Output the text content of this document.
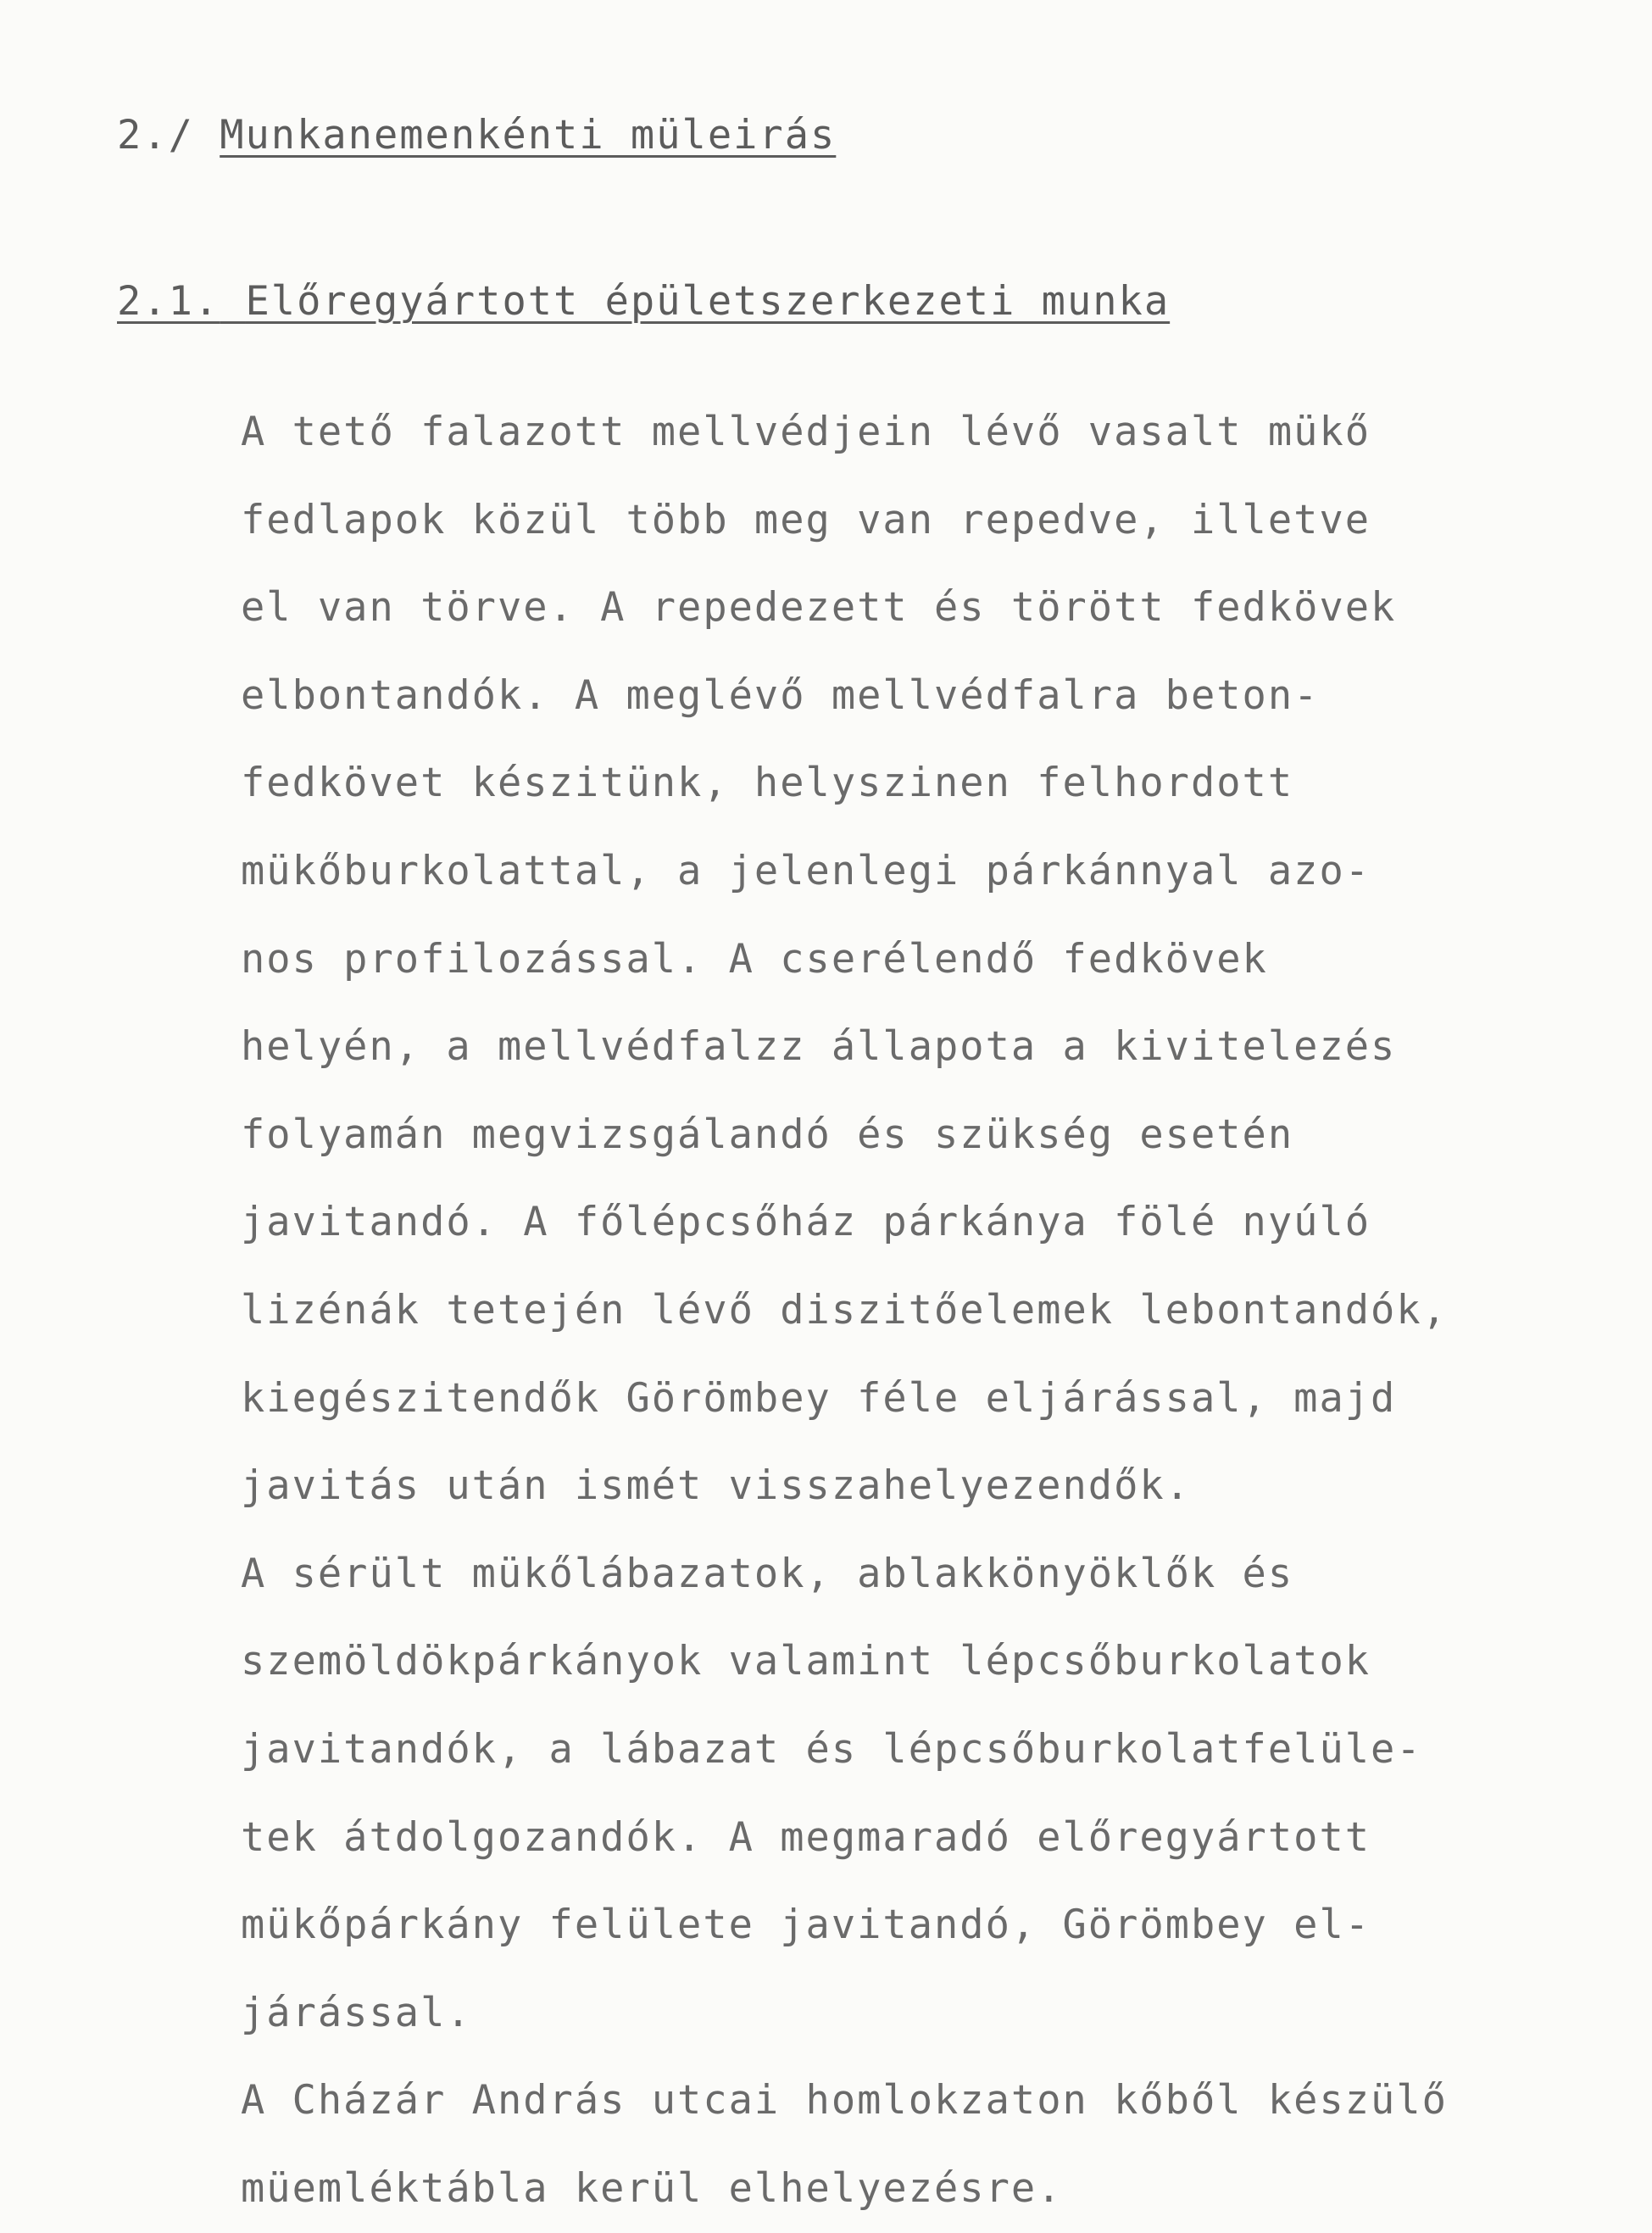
2./ Munkanemenkénti müleirás
2.1. Előregyártott épületszerkezeti munka
A tető falazott mellvédjein lévő vasalt mükő
fedlapok közül több meg van repedve, illetve
el van törve. A repedezett és törött fedkövek
elbontandók. A meglévő mellvédfalra beton-
fedkövet készitünk, helyszinen felhordott
mükőburkolattal, a jelenlegi párkánnyal azo-
nos profilozással. A cserélendő fedkövek
helyén, a mellvédfalzz állapota a kivitelezés
folyamán megvizsgálandó és szükség esetén
javitandó. A főlépcsőház párkánya fölé nyúló
lizénák tetején lévő diszitőelemek lebontandók,
kiegészitendők Görömbey féle eljárással, majd
javitás után ismét visszahelyezendők.
A sérült mükőlábazatok, ablakkönyöklők és
szemöldökpárkányok valamint lépcsőburkolatok
javitandók, a lábazat és lépcsőburkolatfelüle-
tek átdolgozandók. A megmaradó előregyártott
mükőpárkány felülete javitandó, Görömbey el-
járással.
A Cházár András utcai homlokzaton kőből készülő
müemléktábla kerül elhelyezésre.
